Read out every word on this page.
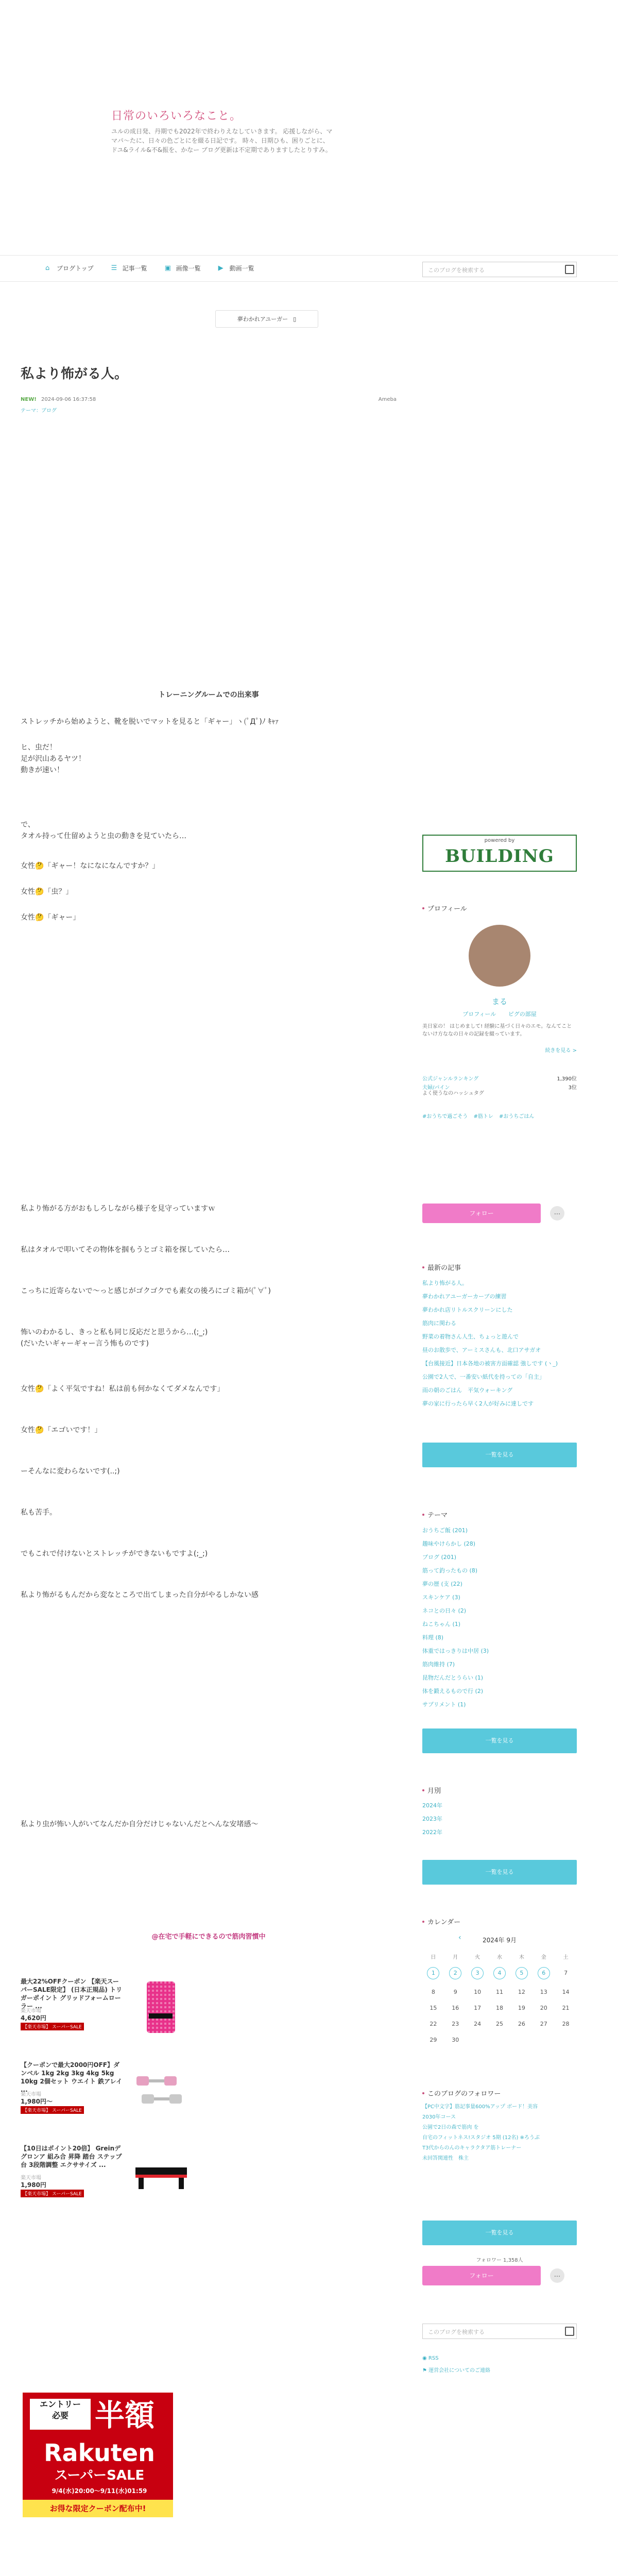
日常のいろいろなこと。
ユルの成日発、丹期でも2022年で終わりえなしていきます。 応援しながら、ママパ〜たに、日々の色ごとにを綴る日記です。 時々、日期ひも、困りごとに、ドユ&ライル&不&振を、かなー ブログ更新は不定期でありますしたとりすみ。
⌂	ブログトップ	☰ 記事一覧	▣ 画像一覧	▶	動画一覧	このブログを検索する
夢わかれアユーガー ▯
私より怖がる人。
NEW! 2024-09-06 16:37:58	Ameba
テーマ：ブログ
トレーニングルームでの出来事
ストレッチから始めようと、靴を脱いでマットを見ると「ギャー」ヽ(ﾟДﾟ)ﾉ ｷｬｧ
ヒ、虫だ！
足が沢山あるヤツ！
動きが速い！
で、
タオル持って仕留めようと虫の動きを見ていたら…
女性🤔「ギャー！なになになんですか？」
女性🤔「虫？」
女性🤔「ギャー」
私より怖がる方がおもしろしながら様子を見守っていますｗ
私はタオルで叩いてその物体を掴もうとゴミ箱を探していたら…
こっちに近寄らないで～っと感じがゴクゴクでも素女の後ろにゴミ箱が(ﾟ∀ﾟ)
怖いのわかるし、きっと私も同じ反応だと思うから…(;_;)
(だいたいギャーギャー言う怖ものです)
女性🤔「よく平気ですね！私は前も何かなくてダメなんです」
女性🤔「エゴいです！」
ーそんなに変わらないです(..;)
私も苦手。
でもこれで付けないとストレッチができないもですよ(;_;)
私より怖がるもんだから変なところで出てしまった自分がやるしかない感
私より虫が怖い人がいてなんだか自分だけじゃないんだとへんな安堵感〜
@在宅で手軽にできるので筋肉習慣中
最大22%OFFクーポン 【楽天スーパーSALE限定】 (日本正規品) トリガーポイント グリッドフォームローラー ...
楽天市場
4,620円
【楽天市場】 スーパーSALE
【クーポンで最大2000円OFF】ダンベル 1kg 2kg 3kg 4kg 5kg 10kg 2個セット ウエイト 鉄アレイ ...
楽天市場
1,980円〜
【楽天市場】 スーパーSALE
【10日はポイント20倍】 Greinデグロンア 組み合 昇降 踏台 ステップ台 3段階調整 エクササイズ ...
楽天市場
1,980円
【楽天市場】 スーパーSALE
エントリー
必要 半額
Rakuten
スーパーSALE
9/4(水)20:00〜9/11(水)01:59
お得な限定クーポン配布中!
powered by
BUILDING
プロフィール
まる
プロフィール ピグの部屋
美日家の！ はじめまして! 経験に基づく日々のエモ。なんてことないけ方ななの日々の記録を綴っています。
続きを見る >
公式ジャンルランキング	1,390位
夫婦/パイン	3位
よく使うなのハッシュタグ
#おうちで過ごそう #筋トレ #おうちごはん
フォロー	...
最新の記事
私より怖がる人。
夢わかれアユーガーカーブの練習
夢わかれ店リトルスクリーンにした
筋肉に関わる
野菜の着物さん人生、ちょっと遊んで
昼のお散歩で、アーミスさんも、北口アサガオ
【台風接近】日本各地の被害方面確認 強しです (ヽ_)
公園で2人で、一番安い紙代を持っての「自主」
雨の朝のごはん　平気ウォーキング
夢の家に行ったら早く2人が好みに達しです
一覧を見る
テーマ
おうちご飯 (201)
趣味やけらかし (28)
ブログ (201)
筋って釣ったもの (8)
夢の歴 (支 (22)
スキンケア (3)
ネコとの日々 (2)
ねこちゃん (1)
料理 (8)
体重ではっきりは中居 (3)
筋肉維持 (7)
昆物だんだとうらい (1)
体を鍛えるもので行 (2)
サプリメント (1)
一覧を見る
月別
2024年
2023年
2022年
一覧を見る
カレンダー
‹	2024年 9月
日	月	火	水	木	金	土
1	2	3	4	5	6	7
8	9	10	11	12	13	14
15	16	17	18	19	20	21
22	23	24	25	26	27	28
29	30
このブログのフォロワー
【PC中文字】筋記事量600%アップ ボード！美容
2030年コース
公園で2日の森で筋肉 を
自宅のフィットネス!スタジオ 5期 (12名) ※ろうぶ
T3代からのんのキャラクタア筋トレーナー
未回答関連性　株主
一覧を見る
フォロワー 1,358人
フォロー	...
このブログを検索する
◉ RSS
⚑ 運営会社についてのご連絡
